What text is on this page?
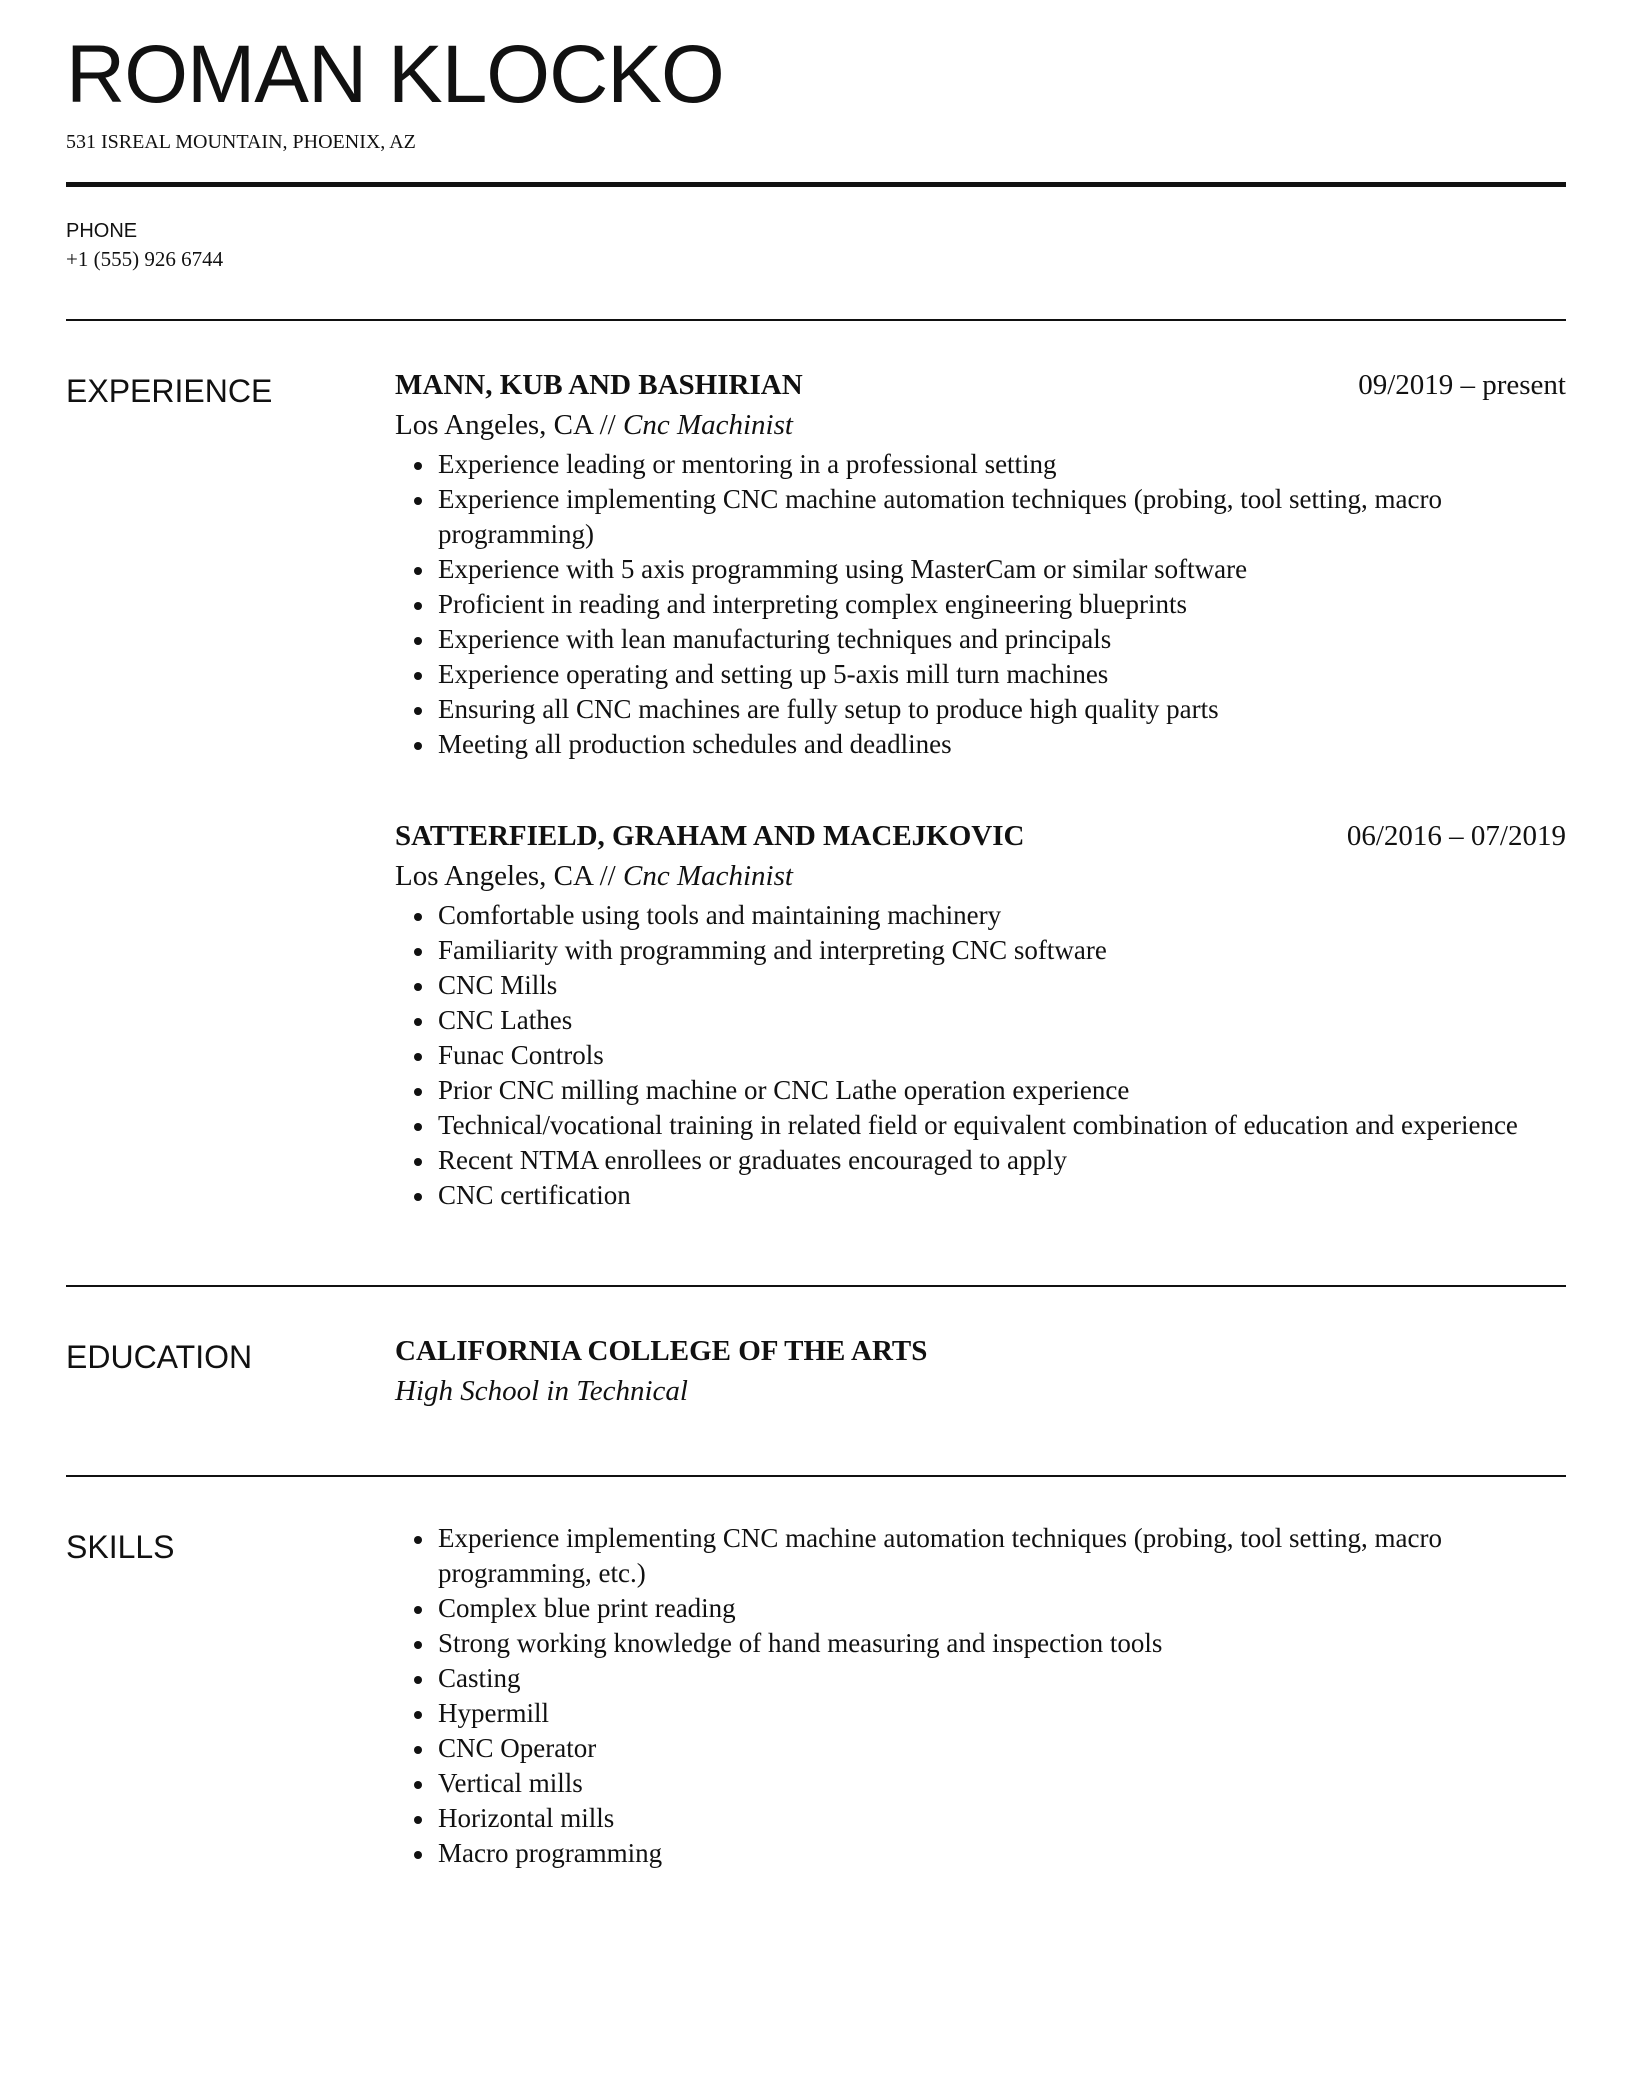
ROMAN KLOCKO
531 ISREAL MOUNTAIN, PHOENIX, AZ
PHONE
+1 (555) 926 6744
EXPERIENCE	MANN, KUB AND BASHIRIAN	09/2019 – present
Los Angeles, CA // Cnc Machinist
Experience leading or mentoring in a professional setting
Experience implementing CNC machine automation techniques (probing, tool setting, macro programming)
Experience with 5 axis programming using MasterCam or similar software
Proficient in reading and interpreting complex engineering blueprints
Experience with lean manufacturing techniques and principals
Experience operating and setting up 5-axis mill turn machines
Ensuring all CNC machines are fully setup to produce high quality parts
Meeting all production schedules and deadlines
SATTERFIELD, GRAHAM AND MACEJKOVIC	06/2016 – 07/2019
Los Angeles, CA // Cnc Machinist
Comfortable using tools and maintaining machinery
Familiarity with programming and interpreting CNC software
CNC Mills
CNC Lathes
Funac Controls
Prior CNC milling machine or CNC Lathe operation experience
Technical/vocational training in related field or equivalent combination of education and experience
Recent NTMA enrollees or graduates encouraged to apply
CNC certification
EDUCATION	CALIFORNIA COLLEGE OF THE ARTS
High School in Technical
SKILLS	Experience implementing CNC machine automation techniques (probing, tool setting, macro programming, etc.)
Complex blue print reading
Strong working knowledge of hand measuring and inspection tools
Casting
Hypermill
CNC Operator
Vertical mills
Horizontal mills
Macro programming
